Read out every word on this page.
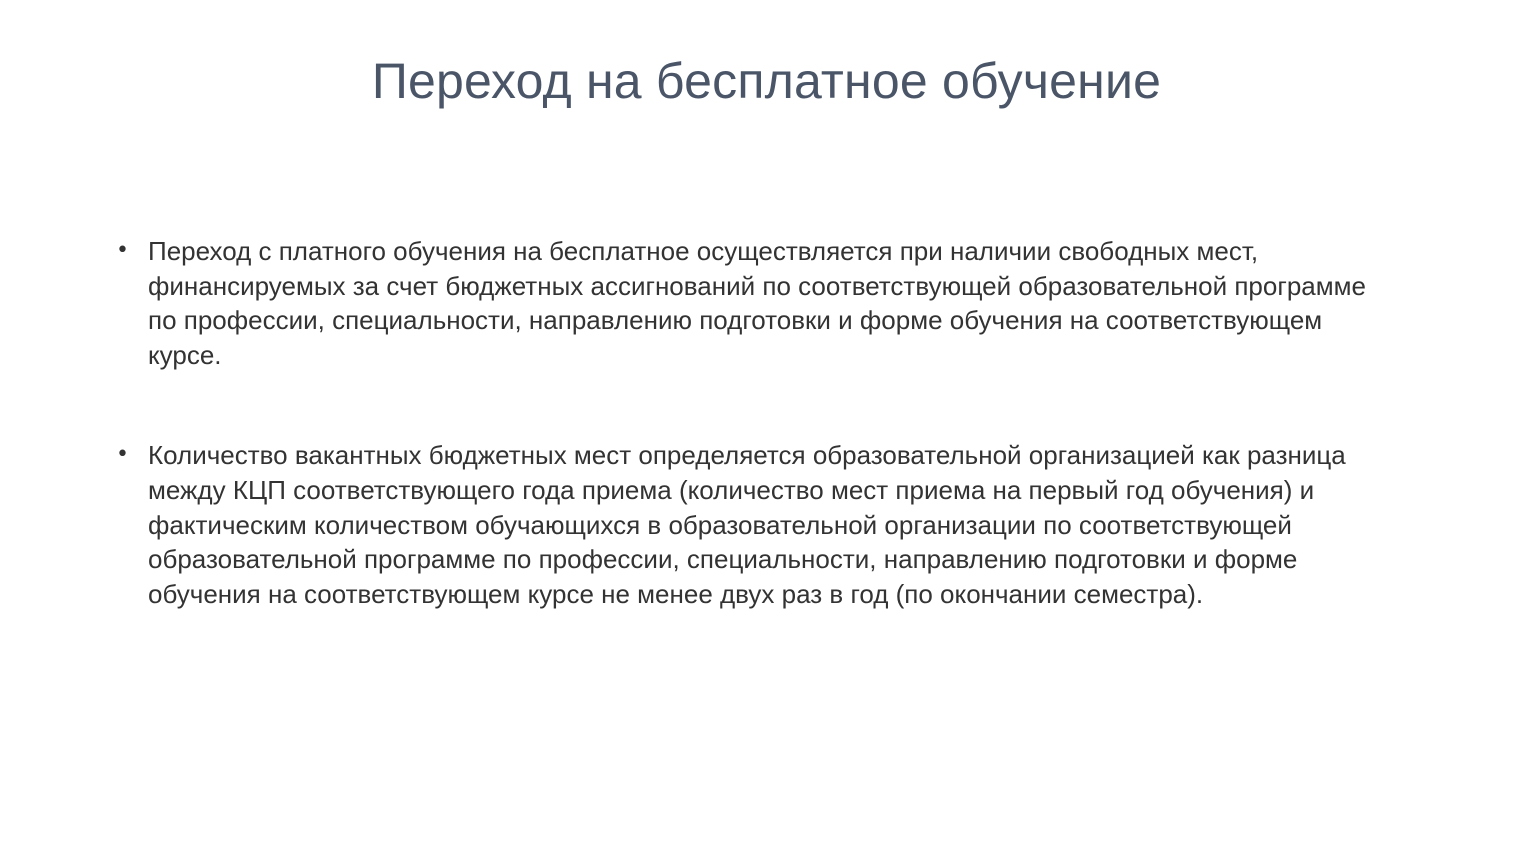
Переход на бесплатное обучение
• Переход с платного обучения на бесплатное осуществляется при наличии свободных мест, финансируемых за счет бюджетных ассигнований по соответствующей образовательной программе по профессии, специальности, направлению подготовки и форме обучения на соответствующем курсе.
• Количество вакантных бюджетных мест определяется образовательной организацией как разница между КЦП соответствующего года приема (количество мест приема на первый год обучения) и фактическим количеством обучающихся в образовательной организации по соответствующей образовательной программе по профессии, специальности, направлению подготовки и форме обучения на соответствующем курсе не менее двух раз в год (по окончании семестра).
